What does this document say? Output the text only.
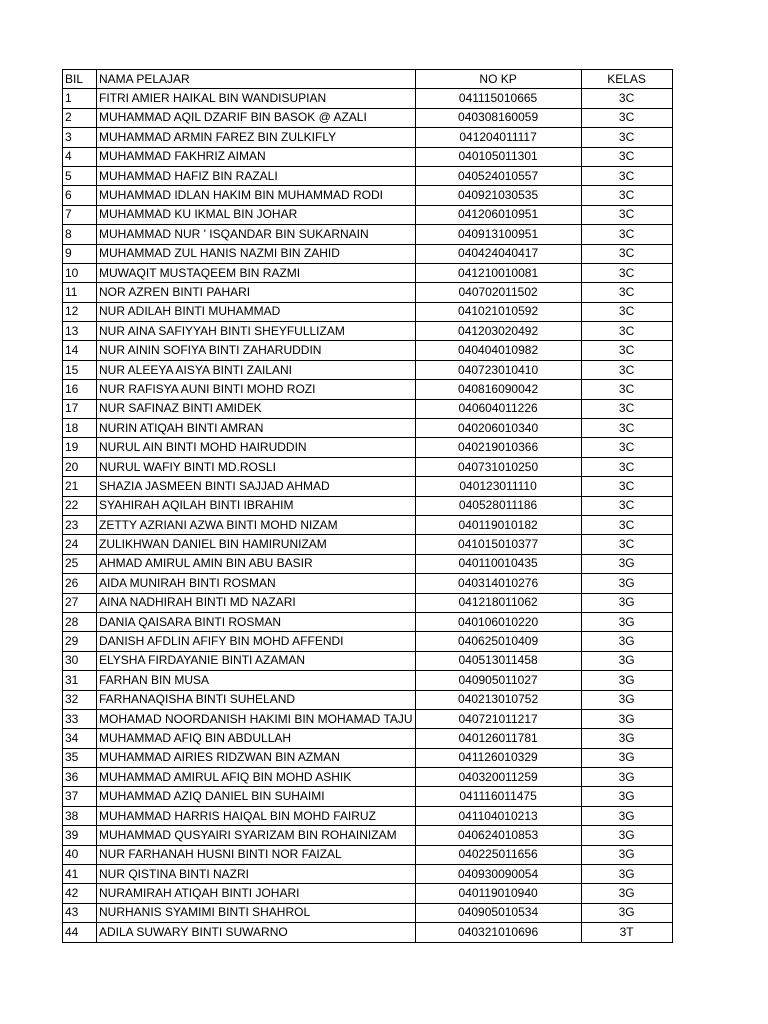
BIL	NAMA PELAJAR	NO KP	KELAS
1	FITRI AMIER HAIKAL BIN WANDISUPIAN	041115010665	3C
2	MUHAMMAD AQIL DZARIF BIN BASOK @ AZALI	040308160059	3C
3	MUHAMMAD ARMIN FAREZ BIN ZULKIFLY	041204011117	3C
4	MUHAMMAD FAKHRIZ AIMAN	040105011301	3C
5	MUHAMMAD HAFIZ BIN RAZALI	040524010557	3C
6	MUHAMMAD IDLAN HAKIM BIN MUHAMMAD RODI	040921030535	3C
7	MUHAMMAD KU IKMAL BIN JOHAR	041206010951	3C
8	MUHAMMAD NUR ' ISQANDAR BIN SUKARNAIN	040913100951	3C
9	MUHAMMAD ZUL HANIS NAZMI BIN ZAHID	040424040417	3C
10	MUWAQIT MUSTAQEEM BIN RAZMI	041210010081	3C
11	NOR AZREN BINTI PAHARI	040702011502	3C
12	NUR ADILAH BINTI MUHAMMAD	041021010592	3C
13	NUR AINA SAFIYYAH BINTI SHEYFULLIZAM	041203020492	3C
14	NUR AININ SOFIYA BINTI ZAHARUDDIN	040404010982	3C
15	NUR ALEEYA AISYA BINTI ZAILANI	040723010410	3C
16	NUR RAFISYA AUNI BINTI MOHD ROZI	040816090042	3C
17	NUR SAFINAZ BINTI AMIDEK	040604011226	3C
18	NURIN ATIQAH BINTI AMRAN	040206010340	3C
19	NURUL AIN BINTI MOHD HAIRUDDIN	040219010366	3C
20	NURUL WAFIY BINTI MD.ROSLI	040731010250	3C
21	SHAZIA JASMEEN BINTI SAJJAD AHMAD	040123011110	3C
22	SYAHIRAH AQILAH BINTI IBRAHIM	040528011186	3C
23	ZETTY AZRIANI AZWA BINTI MOHD NIZAM	040119010182	3C
24	ZULIKHWAN DANIEL BIN HAMIRUNIZAM	041015010377	3C
25	AHMAD AMIRUL AMIN BIN ABU BASIR	040110010435	3G
26	AIDA MUNIRAH BINTI ROSMAN	040314010276	3G
27	AINA NADHIRAH BINTI MD NAZARI	041218011062	3G
28	DANIA QAISARA BINTI ROSMAN	040106010220	3G
29	DANISH AFDLIN AFIFY BIN MOHD AFFENDI	040625010409	3G
30	ELYSHA FIRDAYANIE BINTI AZAMAN	040513011458	3G
31	FARHAN BIN MUSA	040905011027	3G
32	FARHANAQISHA BINTI SUHELAND	040213010752	3G
33	MOHAMAD NOORDANISH HAKIMI BIN MOHAMAD TAJU	040721011217	3G
34	MUHAMMAD AFIQ BIN ABDULLAH	040126011781	3G
35	MUHAMMAD AIRIES RIDZWAN BIN AZMAN	041126010329	3G
36	MUHAMMAD AMIRUL AFIQ BIN MOHD ASHIK	040320011259	3G
37	MUHAMMAD AZIQ DANIEL BIN SUHAIMI	041116011475	3G
38	MUHAMMAD HARRIS HAIQAL BIN MOHD FAIRUZ	041104010213	3G
39	MUHAMMAD QUSYAIRI SYARIZAM BIN ROHAINIZAM	040624010853	3G
40	NUR FARHANAH HUSNI BINTI NOR FAIZAL	040225011656	3G
41	NUR QISTINA BINTI NAZRI	040930090054	3G
42	NURAMIRAH ATIQAH BINTI JOHARI	040119010940	3G
43	NURHANIS SYAMIMI BINTI SHAHROL	040905010534	3G
44	ADILA SUWARY BINTI SUWARNO	040321010696	3T
